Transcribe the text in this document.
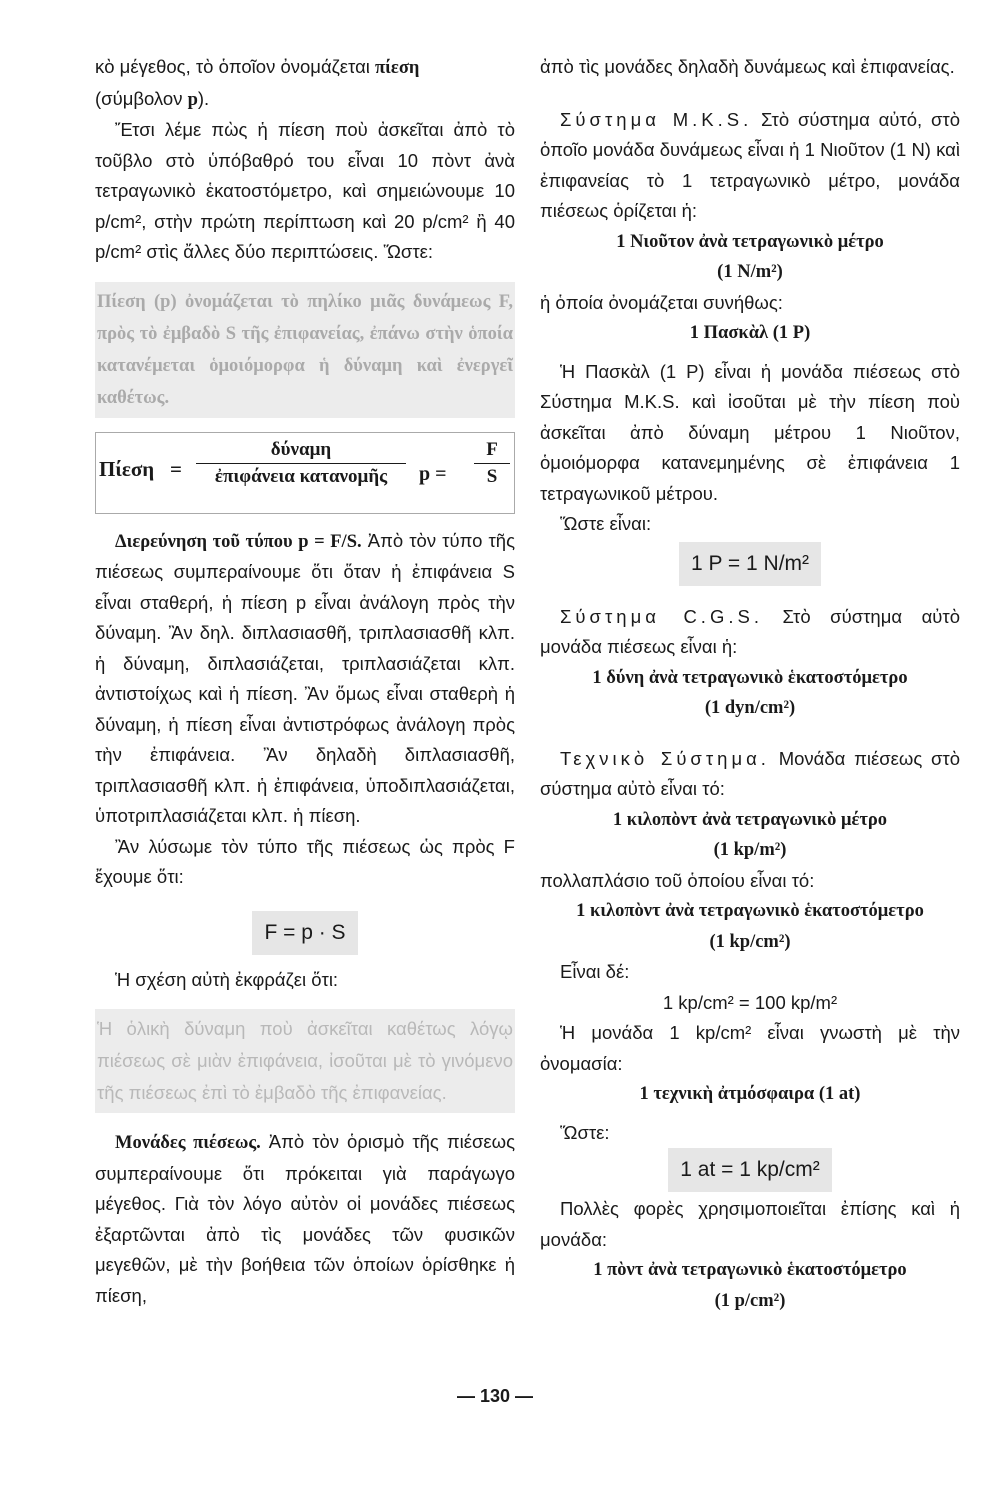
κὸ μέγεθος, τὸ ὁποῖον ὀνομάζεται πίεση
(σύμβολον p).

Ἔτσι λέμε πὼς ἡ πίεση ποὺ ἀσκεῖται ἀπὸ τὸ τοῦβλο στὸ ὑπόβαθρό του εἶναι 10 πὸντ ἀνὰ τετραγωνικὸ ἑκατοστόμετρο, καὶ σημειώνουμε 10 p/cm², στὴν πρώτη περίπτωση καὶ 20 p/cm² ἢ 40 p/cm² στὶς ἄλλες δύο περιπτώσεις. Ὥστε:

Πίεση (p) ὀνομάζεται τὸ πηλίκο μιᾶς δυνάμεως F, πρὸς τὸ ἐμβαδὸ S τῆς ἐπιφανείας, ἐπάνω στὴν ὁποία κατανέμεται ὁμοιόμορφα ἡ δύναμη καὶ ἐνεργεῖ καθέτως.
Πίεση =
δύναμη
ἐπιφάνεια κατανομῆς	$p = \frac{F}{S}$

Διερεύνηση τοῦ τύπου p = F/S. Ἀπὸ τὸν τύπο τῆς πιέσεως συμπεραίνουμε ὅτι ὅταν ἡ ἐπιφάνεια S εἶναι σταθερή, ἡ πίεση p εἶναι ἀνάλογη πρὸς τὴν δύναμη. Ἂν δηλ. διπλασιασθῆ, τριπλασιασθῆ κλπ. ἡ δύναμη, διπλασιάζεται, τριπλασιάζεται κλπ. ἀντιστοίχως καὶ ἡ πίεση. Ἂν ὅμως εἶναι σταθερὴ ἡ δύναμη, ἡ πίεση εἶναι ἀντιστρόφως ἀνάλογη πρὸς τὴν ἐπιφάνεια. Ἂν δηλαδὴ διπλασιασθῆ, τριπλασιασθῆ κλπ. ἡ ἐπιφάνεια, ὑποδιπλασιάζεται, ὑποτριπλασιάζεται κλπ. ἡ πίεση.

Ἂν λύσωμε τὸν τύπο τῆς πιέσεως ὡς πρὸς F ἔχουμε ὅτι:

F = p · S

Ἡ σχέση αὐτὴ ἐκφράζει ὅτι:

Ἡ ὁλικὴ δύναμη ποὺ ἀσκεῖται καθέτως λόγῳ πιέσεως σὲ μιὰν ἐπιφάνεια, ἰσοῦται μὲ τὸ γινόμενο τῆς πιέσεως ἐπὶ τὸ ἐμβαδὸ τῆς ἐπιφανείας.

Μονάδες πιέσεως. Ἀπὸ τὸν ὁρισμὸ τῆς πιέσεως συμπεραίνουμε ὅτι πρόκειται γιὰ παράγωγο μέγεθος. Γιὰ τὸν λόγο αὐτὸν οἱ μονάδες πιέσεως ἐξαρτῶνται ἀπὸ τὶς μονάδες τῶν φυσικῶν μεγεθῶν, μὲ τὴν βοήθεια τῶν ὁποίων ὁρίσθηκε ἡ πίεση,

ἀπὸ τὶς μονάδες δηλαδὴ δυνάμεως καὶ ἐπιφανείας.

Σύστημα M.K.S. Στὸ σύστημα αὐτό, στὸ ὁποῖο μονάδα δυνάμεως εἶναι ἡ 1 Νιοῦτον (1 N) καὶ ἐπιφανείας τὸ 1 τετραγωνικὸ μέτρο, μονάδα πιέσεως ὁρίζεται ἡ:

1 Νιοῦτον ἀνὰ τετραγωνικὸ μέτρο

(1 N/m²)

ἡ ὁποία ὀνομάζεται συνήθως:

1 Πασκὰλ (1 P)

Ἡ Πασκὰλ (1 P) εἶναι ἡ μονάδα πιέσεως στὸ Σύστημα M.K.S. καὶ ἰσοῦται μὲ τὴν πίεση ποὺ ἀσκεῖται ἀπὸ δύναμη μέτρου 1 Νιοῦτον, ὁμοιόμορφα κατανεμημένης σὲ ἐπιφάνεια 1 τετραγωνικοῦ μέτρου.

Ὥστε εἶναι:

1 P = 1 N/m²

Σύστημα C.G.S. Στὸ σύστημα αὐτὸ μονάδα πιέσεως εἶναι ἡ:

1 δύνη ἀνὰ τετραγωνικὸ ἑκατοστόμετρο

(1 dyn/cm²)

Τεχνικὸ Σύστημα. Μονάδα πιέσεως στὸ σύστημα αὐτὸ εἶναι τό:

1 κιλοπὸντ ἀνὰ τετραγωνικὸ μέτρο

(1 kp/m²)

πολλαπλάσιο τοῦ ὁποίου εἶναι τό:

1 κιλοπὸντ ἀνὰ τετραγωνικὸ ἑκατοστόμετρο

(1 kp/cm²)

Εἶναι δέ:

1 kp/cm² = 100 kp/m²

Ἡ μονάδα 1 kp/cm² εἶναι γνωστὴ μὲ τὴν ὀνομασία:

1 τεχνικὴ ἀτμόσφαιρα (1 at)

Ὥστε:

1 at = 1 kp/cm²

Πολλὲς φορὲς χρησιμοποιεῖται ἐπίσης καὶ ἡ μονάδα:

1 πὸντ ἀνὰ τετραγωνικὸ ἑκατοστόμετρο

(1 p/cm²)

— 130 —
